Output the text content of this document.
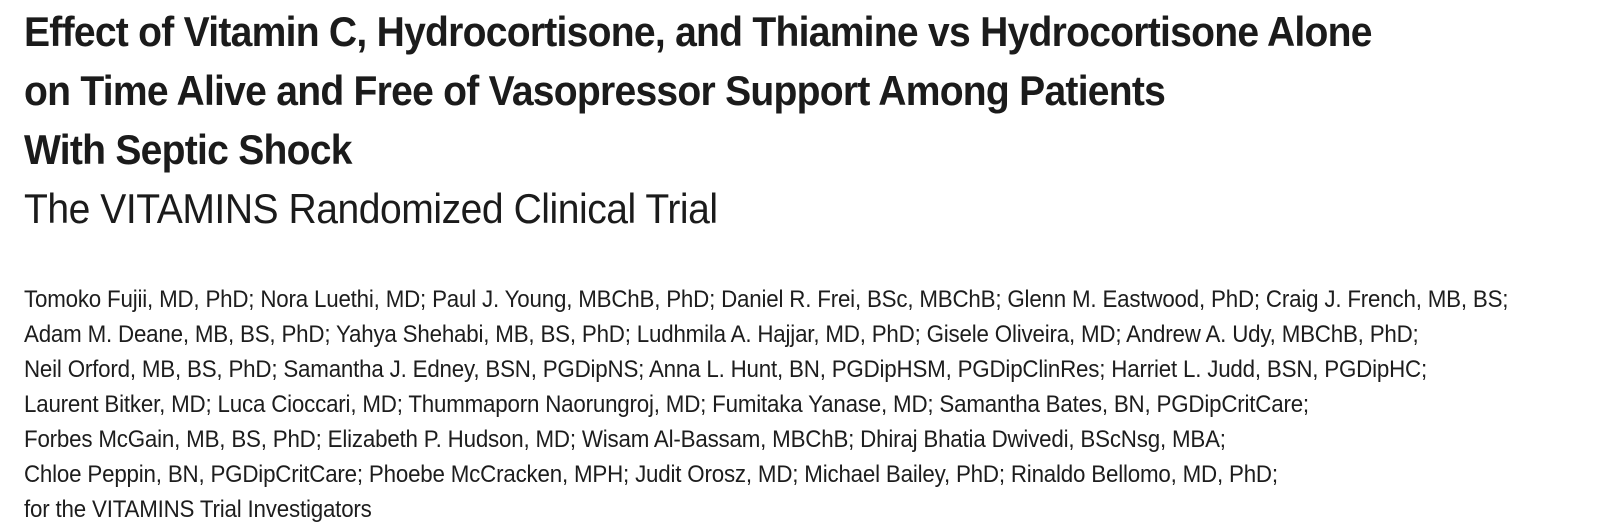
Effect of Vitamin C, Hydrocortisone, and Thiamine vs Hydrocortisone Alone
on Time Alive and Free of Vasopressor Support Among Patients
With Septic Shock
The VITAMINS Randomized Clinical Trial
Tomoko Fujii, MD, PhD; Nora Luethi, MD; Paul J. Young, MBChB, PhD; Daniel R. Frei, BSc, MBChB; Glenn M. Eastwood, PhD; Craig J. French, MB, BS;
Adam M. Deane, MB, BS, PhD; Yahya Shehabi, MB, BS, PhD; Ludhmila A. Hajjar, MD, PhD; Gisele Oliveira, MD; Andrew A. Udy, MBChB, PhD;
Neil Orford, MB, BS, PhD; Samantha J. Edney, BSN, PGDipNS; Anna L. Hunt, BN, PGDipHSM, PGDipClinRes; Harriet L. Judd, BSN, PGDipHC;
Laurent Bitker, MD; Luca Cioccari, MD; Thummaporn Naorungroj, MD; Fumitaka Yanase, MD; Samantha Bates, BN, PGDipCritCare;
Forbes McGain, MB, BS, PhD; Elizabeth P. Hudson, MD; Wisam Al-Bassam, MBChB; Dhiraj Bhatia Dwivedi, BScNsg, MBA;
Chloe Peppin, BN, PGDipCritCare; Phoebe McCracken, MPH; Judit Orosz, MD; Michael Bailey, PhD; Rinaldo Bellomo, MD, PhD;
for the VITAMINS Trial Investigators
